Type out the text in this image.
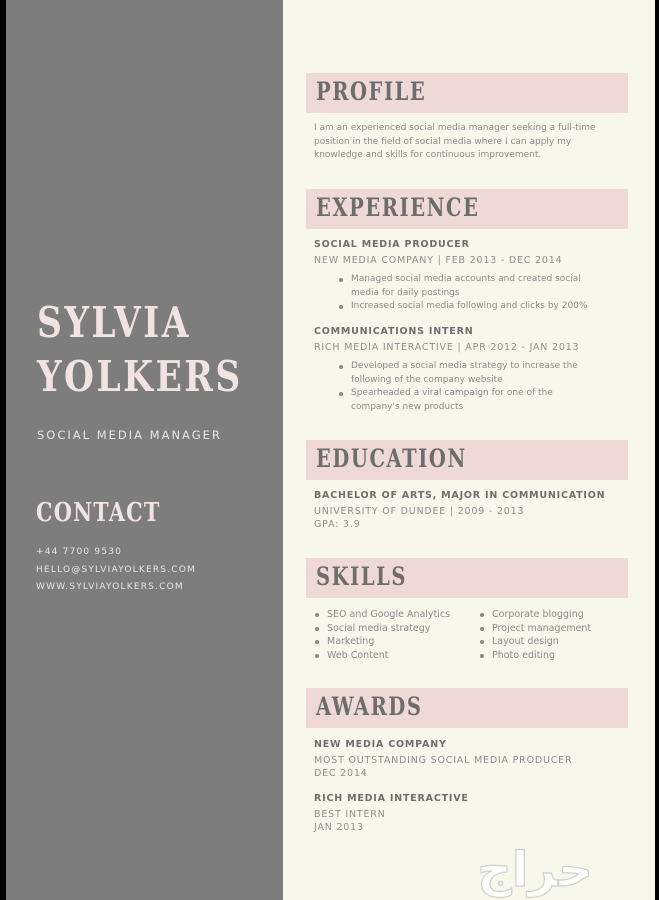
SYLVIA
YOLKERS
SOCIAL MEDIA MANAGER
CONTACT
+44 7700 9530
HELLO@SYLVIAYOLKERS.COM
WWW.SYLVIAYOLKERS.COM
PROFILE
I am an experienced social media manager seeking a full-time position in the field of social media where I can apply my knowledge and skills for continuous improvement.
EXPERIENCE
SOCIAL MEDIA PRODUCER
NEW MEDIA COMPANY | FEB 2013 - DEC 2014
Managed social media accounts and created social media for daily postings
Increased social media following and clicks by 200%
COMMUNICATIONS INTERN
RICH MEDIA INTERACTIVE | APR 2012 - JAN 2013
Developed a social media strategy to increase the following of the company website
Spearheaded a viral campaign for one of the company's new products
EDUCATION
BACHELOR OF ARTS, MAJOR IN COMMUNICATION
UNIVERSITY OF DUNDEE | 2009 - 2013
GPA: 3.9
SKILLS
SEO and Google Analytics
Social media strategy
Marketing
Web Content
Corporate blogging
Project management
Layout design
Photo editing
AWARDS
NEW MEDIA COMPANY
MOST OUTSTANDING SOCIAL MEDIA PRODUCER
DEC 2014
RICH MEDIA INTERACTIVE
BEST INTERN
JAN 2013
حراج
